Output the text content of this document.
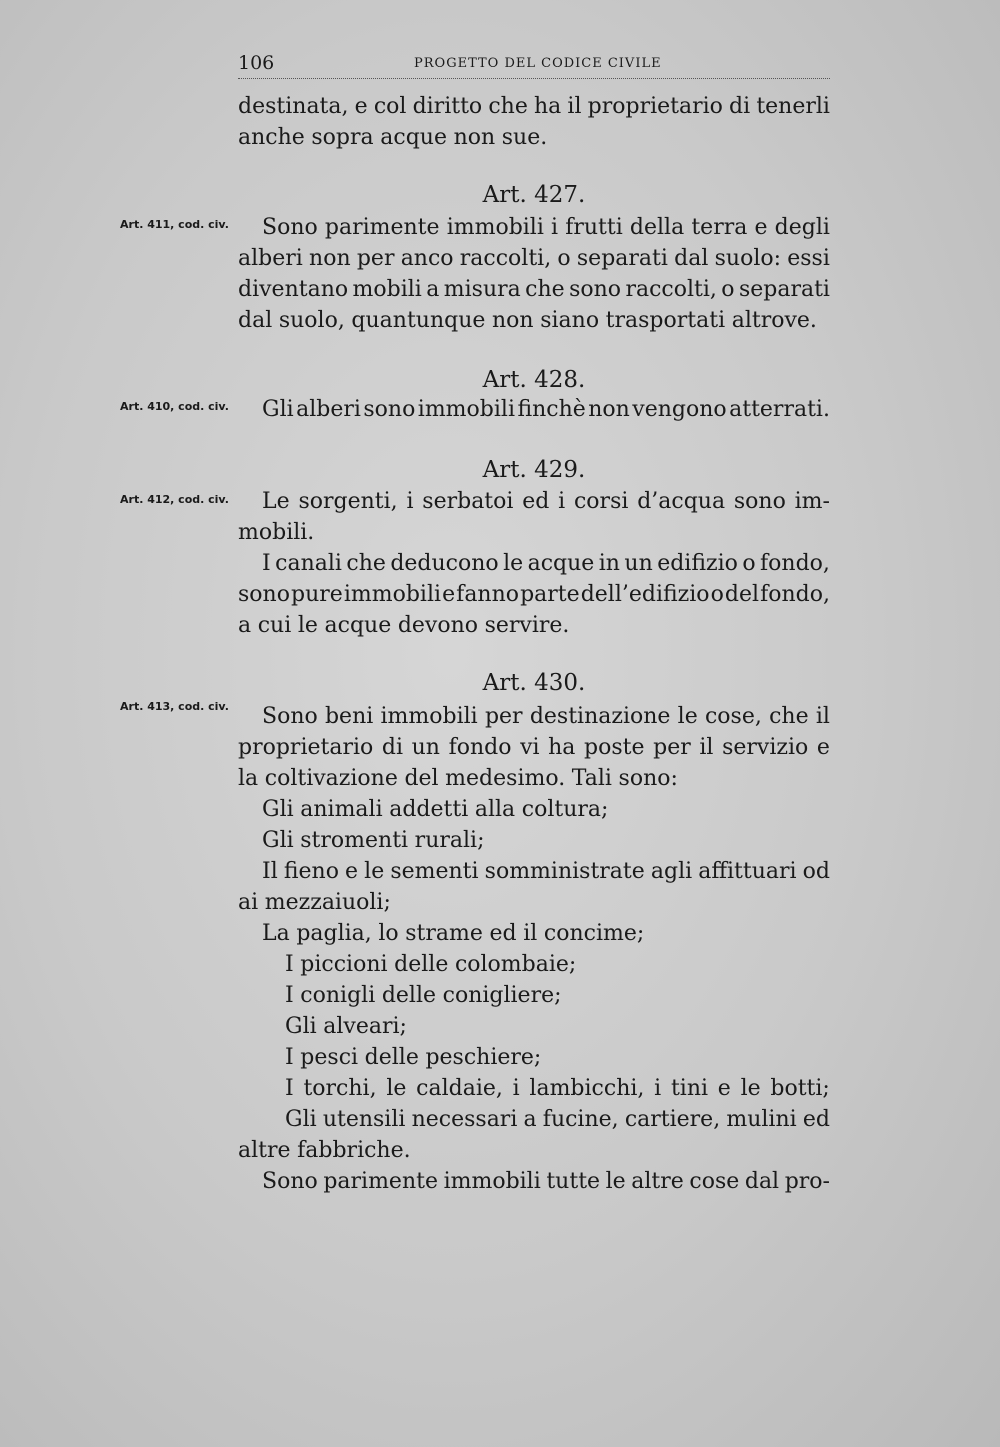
106	PROGETTO DEL CODICE CIVILE
Art. 411, cod. civ.
Art. 410, cod. civ.
Art. 412, cod. civ.
Art. 413, cod. civ.

Art. 427.

Art. 428.

Art. 429.

Art. 430.

destinata, e col diritto che ha il proprietario di tenerli

anche sopra acque non sue.

Sono parimente immobili i frutti della terra e degli

alberi non per anco raccolti, o separati dal suolo: essi

diventano mobili a misura che sono raccolti, o separati

dal suolo, quantunque non siano trasportati altrove.

Gli alberi sono immobili finchè non vengono atterrati.

Le sorgenti, i serbatoi ed i corsi d’acqua sono im-

mobili.

I canali che deducono le acque in un edifizio o fondo,

sono pure immobili e fanno parte dell’edifizio o del fondo,

a cui le acque devono servire.

Sono beni immobili per destinazione le cose, che il

proprietario di un fondo vi ha poste per il servizio e

la coltivazione del medesimo. Tali sono:

Gli animali addetti alla coltura;

Gli stromenti rurali;

Il fieno e le sementi somministrate agli affittuari od

ai mezzaiuoli;

La paglia, lo strame ed il concime;

I piccioni delle colombaie;

I conigli delle conigliere;

Gli alveari;

I pesci delle peschiere;

I torchi, le caldaie, i lambicchi, i tini e le botti;

Gli utensili necessari a fucine, cartiere, mulini ed

altre fabbriche.

Sono parimente immobili tutte le altre cose dal pro-
